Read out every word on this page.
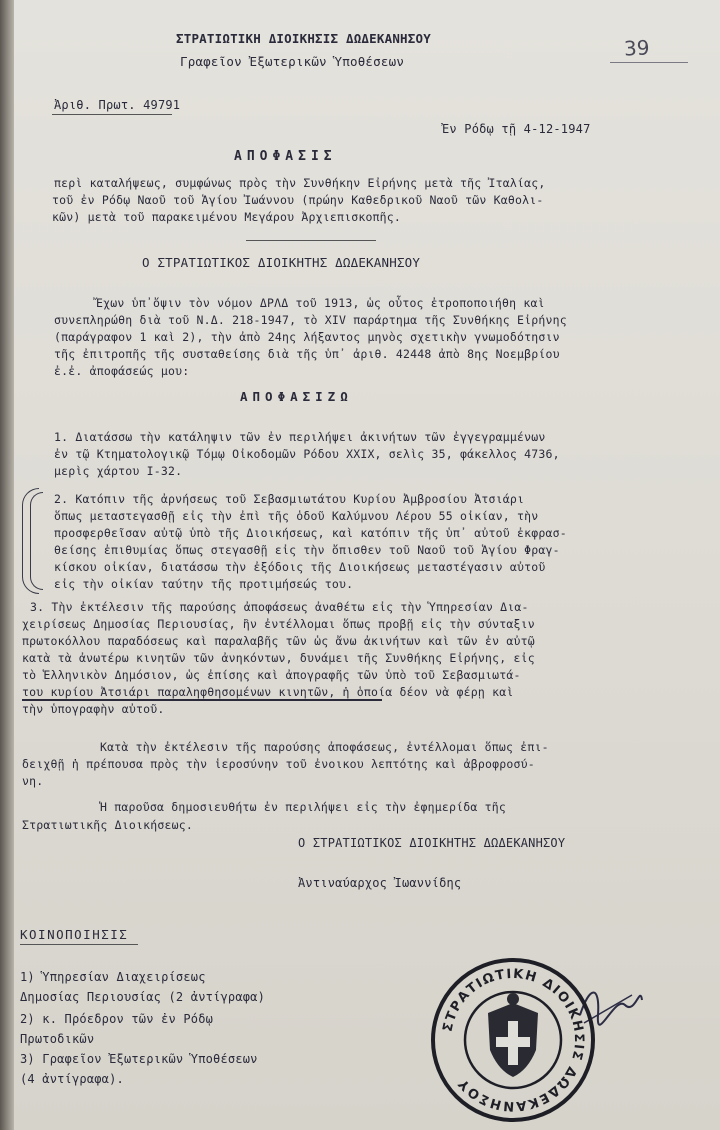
39
ΣΤΡΑΤΙΩΤΙΚΗ ΔΙΟΙΚΗΣΙΣ ΔΩΔΕΚΑΝΗΣΟΥ
Γραφεῖον Ἐξωτερικῶν Ὑποθέσεων
Ἀριθ. Πρωτ. 49791
Ἐν Ρόδῳ τῇ 4-12-1947
ΑΠΟΦΑΣΙΣ
περὶ καταλήψεως, συμφώνως πρὸς τὴν Συνθήκην Εἰρήνης μετὰ τῆς Ἰταλίας,
τοῦ ἐν Ρόδῳ Ναοῦ τοῦ Ἁγίου Ἰωάννου (πρώην Καθεδρικοῦ Ναοῦ τῶν Καθολι-
κῶν) μετὰ τοῦ παρακειμένου Μεγάρου Ἀρχιεπισκοπῆς.
Ο ΣΤΡΑΤΙΩΤΙΚΟΣ ΔΙΟΙΚΗΤΗΣ ΔΩΔΕΚΑΝΗΣΟΥ
Ἔχων ὑπ᾽ὄψιν τὸν νόμον ΔΡΛΔ τοῦ 1913, ὡς οὗτος ἐτροποποιήθη καὶ
συνεπληρώθη διὰ τοῦ Ν.Δ. 218-1947, τὸ XIV παράρτημα τῆς Συνθήκης Εἰρήνης
(παράγραφον 1 καὶ 2), τὴν ἀπὸ 24ης λήξαντος μηνὸς σχετικὴν γνωμοδότησιν
τῆς ἐπιτροπῆς τῆς συσταθείσης διὰ τῆς ὑπ᾽ ἀριθ. 42448 ἀπὸ 8ης Νοεμβρίου
ἐ.ἐ. ἀποφάσεώς μου:
ΑΠΟΦΑΣΙΖΩ
1. Διατάσσω τὴν κατάληψιν τῶν ἐν περιλήψει ἀκινήτων τῶν ἐγγεγραμμένων
ἐν τῷ Κτηματολογικῷ Τόμῳ Οἰκοδομῶν Ρόδου XXIX, σελὶς 35, φάκελλος 4736,
μερὶς χάρτου I-32.
2. Κατόπιν τῆς ἀρνήσεως τοῦ Σεβασμιωτάτου Κυρίου Ἀμβροσίου Ἀτσιάρι
ὅπως μεταστεγασθῇ εἰς τὴν ἐπὶ τῆς ὁδοῦ Καλύμνου Λέρου 55 οἰκίαν, τὴν
προσφερθεῖσαν αὐτῷ ὑπὸ τῆς Διοικήσεως, καὶ κατόπιν τῆς ὑπ᾽ αὐτοῦ ἐκφρασ-
θείσης ἐπιθυμίας ὅπως στεγασθῇ εἰς τὴν ὄπισθεν τοῦ Ναοῦ τοῦ Ἁγίου Φραγ-
κίσκου οἰκίαν, διατάσσω τὴν ἐξόδοις τῆς Διοικήσεως μεταστέγασιν αὐτοῦ
εἰς τὴν οἰκίαν ταύτην τῆς προτιμήσεώς του.
3. Τὴν ἐκτέλεσιν τῆς παρούσης ἀποφάσεως ἀναθέτω εἰς τὴν Ὑπηρεσίαν Δια-
χειρίσεως Δημοσίας Περιουσίας, ἣν ἐντέλλομαι ὅπως προβῇ εἰς τὴν σύνταξιν
πρωτοκόλλου παραδόσεως καὶ παραλαβῆς τῶν ὡς ἄνω ἀκινήτων καὶ τῶν ἐν αὐτῷ
κατὰ τὰ ἀνωτέρω κινητῶν τῶν ἀνηκόντων, δυνάμει τῆς Συνθήκης Εἰρήνης, εἰς
τὸ Ἑλληνικὸν Δημόσιον, ὡς ἐπίσης καὶ ἀπογραφῆς τῶν ὑπὸ τοῦ Σεβασμιωτά-
του κυρίου Ἀτσιάρι παραληφθησομένων κινητῶν, ἡ ὁποία δέον νὰ φέρῃ καὶ
τὴν ὑπογραφὴν αὐτοῦ.
Κατὰ τὴν ἐκτέλεσιν τῆς παρούσης ἀποφάσεως, ἐντέλλομαι ὅπως ἐπι-
δειχθῇ ἡ πρέπουσα πρὸς τὴν ἱεροσύνην τοῦ ἐνοικου λεπτότης καὶ ἀβροφροσύ-
νη.
Ἡ παροῦσα δημοσιευθήτω ἐν περιλήψει εἰς τὴν ἐφημερίδα τῆς
Στρατιωτικῆς Διοικήσεως.
Ο ΣΤΡΑΤΙΩΤΙΚΟΣ ΔΙΟΙΚΗΤΗΣ ΔΩΔΕΚΑΝΗΣΟΥ
Ἀντιναύαρχος Ἰωαννίδης
ΚΟΙΝΟΠΟΙΗΣΙΣ
1) Ὑπηρεσίαν Διαχειρίσεως
Δημοσίας Περιουσίας (2 ἀντίγραφα)
2) κ. Πρόεδρον τῶν ἐν Ρόδῳ
Πρωτοδικῶν
3) Γραφεῖον Ἐξωτερικῶν Ὑποθέσεων
(4 ἀντίγραφα).
ΣΤΡΑΤΙΩΤΙΚΗ ΔΙΟΙΚΗΣΙΣ ΔΩΔΕΚΑΝΗΣΟΥ
